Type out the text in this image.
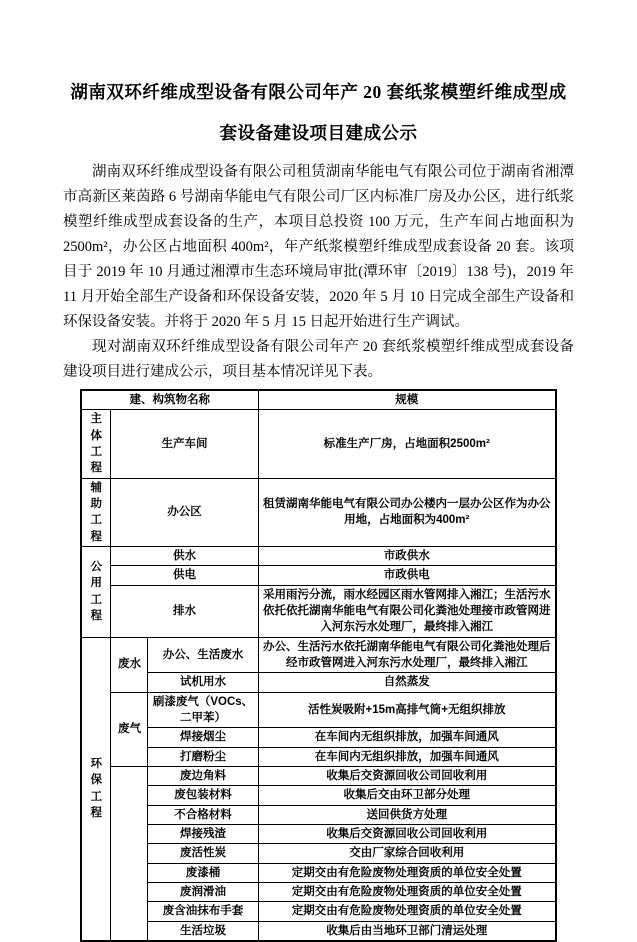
湖南双环纤维成型设备有限公司年产 20 套纸浆模塑纤维成型成套设备建设项目建成公示

湖南双环纤维成型设备有限公司租赁湖南华能电气有限公司位于湖南省湘潭市高新区莱茵路 6 号湖南华能电气有限公司厂区内标准厂房及办公区，进行纸浆模塑纤维成型成套设备的生产，本项目总投资 100 万元，生产车间占地面积为 2500m²，办公区占地面积 400m²，年产纸浆模塑纤维成型成套设备 20 套。该项目于 2019 年 10 月通过湘潭市生态环境局审批(潭环审〔2019〕138 号)，2019 年 11 月开始全部生产设备和环保设备安装，2020 年 5 月 10 日完成全部生产设备和环保设备安装。并将于 2020 年 5 月 15 日起开始进行生产调试。

现对湖南双环纤维成型设备有限公司年产 20 套纸浆模塑纤维成型成套设备建设项目进行建成公示，项目基本情况详见下表。

建、构筑物名称			规模
主体工程	生产车间		标准生产厂房，占地面积2500m²
辅助工程	办公区		租赁湖南华能电气有限公司办公楼内一层办公区作为办公用地，占地面积为400m²
公用工程	供水		市政供水
	供电		市政供电
	排水		采用雨污分流，雨水经园区雨水管网排入湘江；生活污水依托依托湖南华能电气有限公司化粪池处理接市政管网进入河东污水处理厂，最终排入湘江
环保工程	废水	办公、生活废水	办公、生活污水依托湖南华能电气有限公司化粪池处理后经市政管网进入河东污水处理厂，最终排入湘江
		试机用水	自然蒸发
	废气	刷漆废气（VOCs、二甲苯）	活性炭吸附+15m高排气筒+无组织排放
		焊接烟尘	在车间内无组织排放，加强车间通风
		打磨粉尘	在车间内无组织排放，加强车间通风
		废边角料	收集后交资源回收公司回收利用
		废包装材料	收集后交由环卫部分处理
		不合格材料	送回供货方处理
		焊接残渣	收集后交资源回收公司回收利用
		废活性炭	交由厂家综合回收利用
		废漆桶	定期交由有危险废物处理资质的单位安全处置
		废润滑油	定期交由有危险废物处理资质的单位安全处置
		废含油抹布手套	定期交由有危险废物处理资质的单位安全处置
		生活垃圾	收集后由当地环卫部门清运处理
